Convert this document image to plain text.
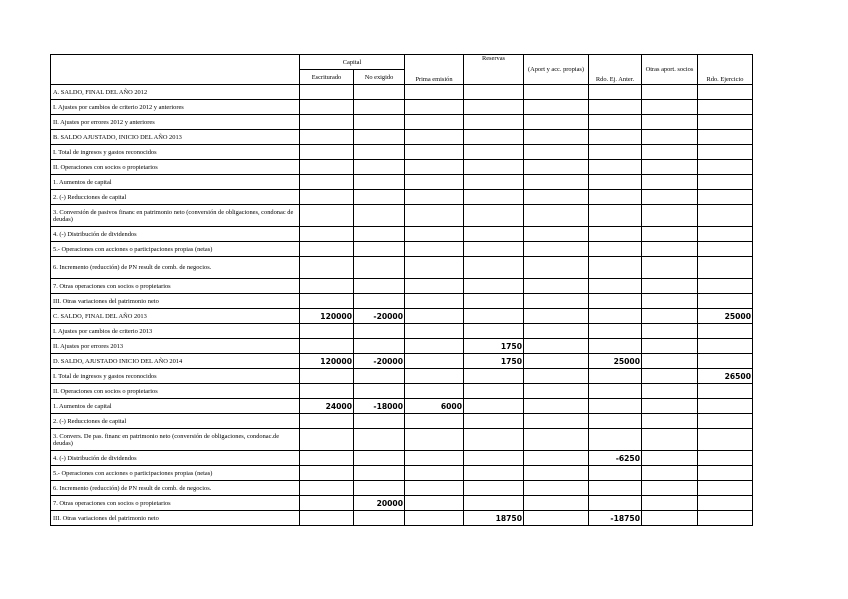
	Capital		Prima emisión	Reservas	(Aport y acc. propias)	Rdo. Ej. Anter.	Otras aport. socios	Rdo. Ejercicio
	Escriturado	No exigido						
A. SALDO, FINAL DEL AÑO 2012								
I. Ajustes por cambios de criterio 2012 y anteriores								
II. Ajustes por errores 2012 y anteriores								
B. SALDO AJUSTADO, INICIO DEL AÑO 2013								
I. Total de ingresos y gastos reconocidos								
II. Operaciones con socios o propietarios								
1. Aumentos de capital								
2. (-) Reducciones de capital								
3. Conversión de pasivos financ en patrimonio neto (conversión de obligaciones, condonac de deudas)								
4. (-) Distribución de dividendos								
5.- Operaciones con acciones o participaciones propias (netas)								
6. Incremento (reducción) de PN result de comb. de negocios.								
7. Otras operaciones con socios o propietarios								
III. Otras variaciones del patrimonio neto								
C. SALDO, FINAL DEL AÑO 2013	120000	-20000						25000
I. Ajustes por cambios de criterio 2013								
II. Ajustes por errores 2013				1750				
D. SALDO, AJUSTADO INICIO DEL AÑO 2014	120000	-20000		1750		25000		
I. Total de ingresos y gastos reconocidos								26500
II. Operaciones con socios o propietarios								
1. Aumentos de capital	24000	-18000	6000					
2. (-) Reducciones de capital								
3. Convers. De pas. financ en patrimonio neto (conversión de obligaciones, condonac.de deudas)								
4. (-) Distribución de dividendos						-6250		
5.- Operaciones con acciones o participaciones propias (netas)								
6. Incremento (reducción) de PN result de comb. de negocios.								
7. Otras operaciones con socios o propietarios		20000						
III. Otras variaciones del patrimonio neto				18750		-18750		
